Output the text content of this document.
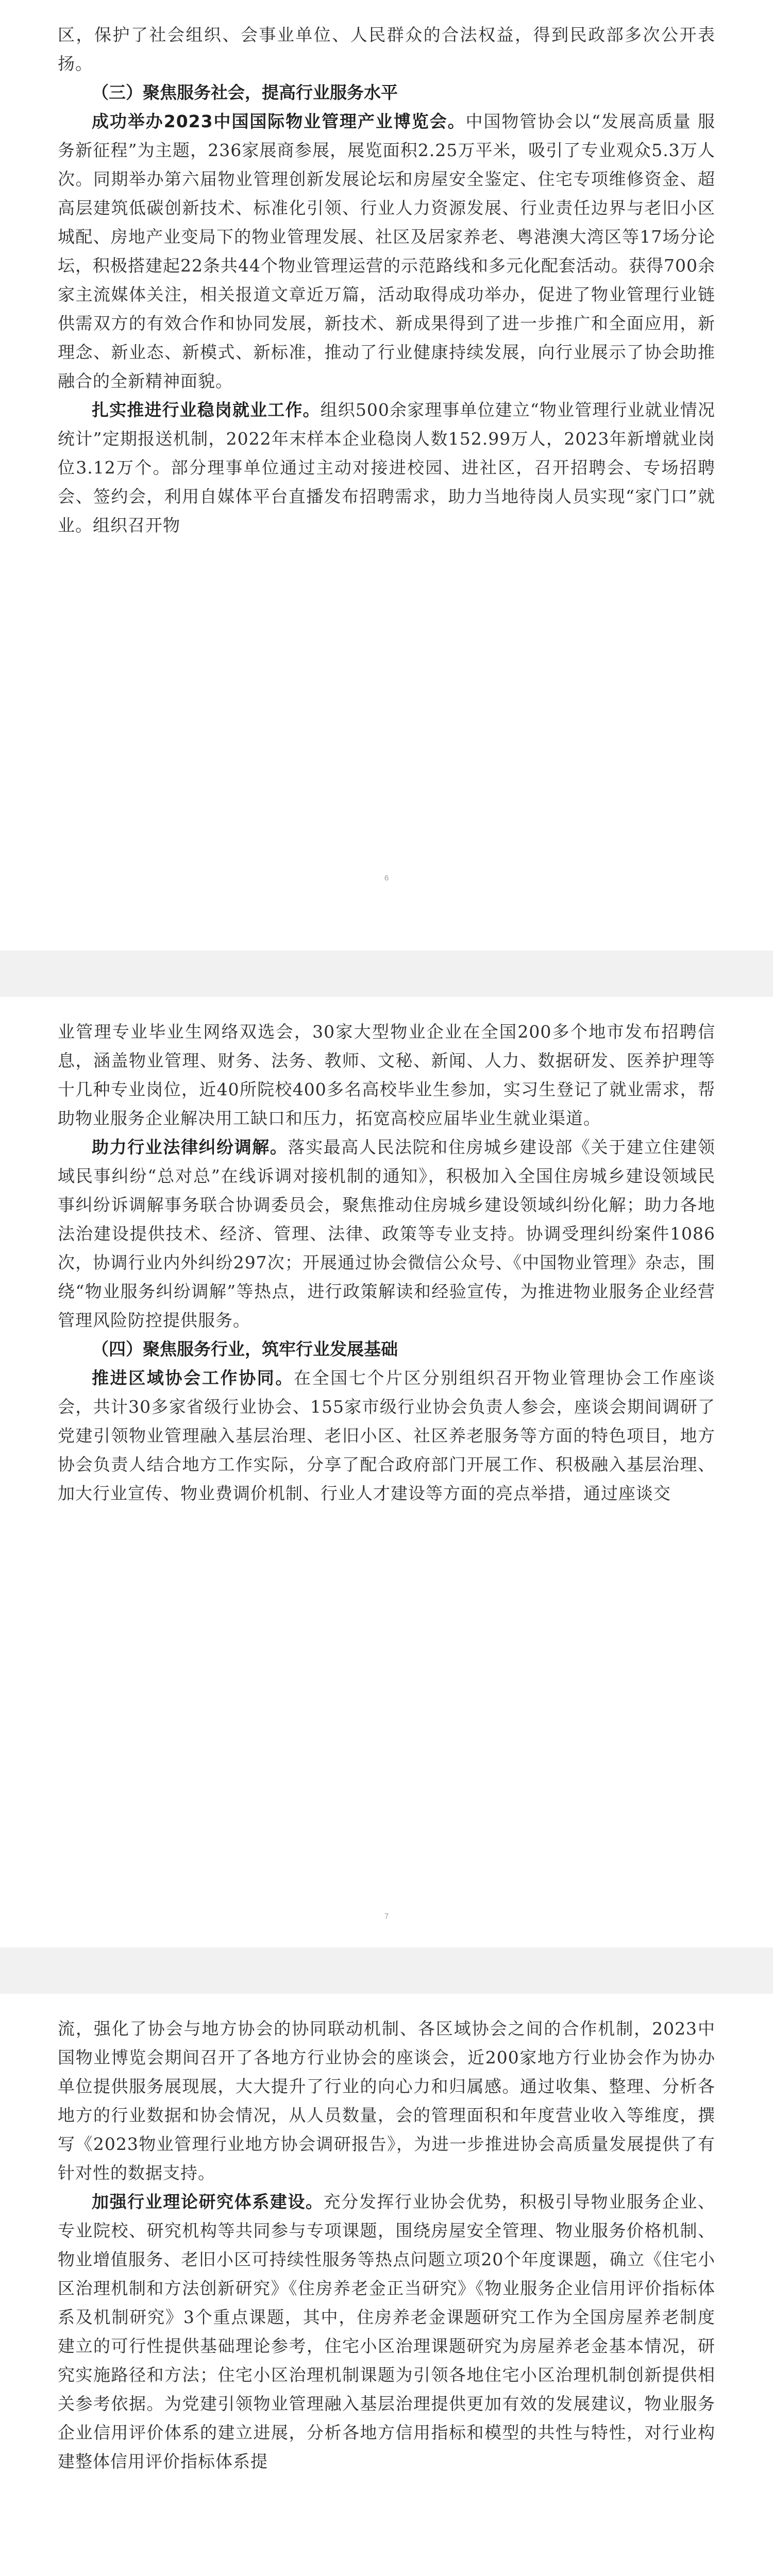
区，保护了社会组织、会事业单位、人民群众的合法权益，得到民政部多次公开表扬。

（三）聚焦服务社会，提高行业服务水平

成功举办2023中国国际物业管理产业博览会。中国物管协会以“发展高质量 服务新征程”为主题，236家展商参展，展览面积2.25万平米，吸引了专业观众5.3万人次。同期举办第六届物业管理创新发展论坛和房屋安全鉴定、住宅专项维修资金、超高层建筑低碳创新技术、标准化引领、行业人力资源发展、行业责任边界与老旧小区城配、房地产业变局下的物业管理发展、社区及居家养老、粤港澳大湾区等17场分论坛，积极搭建起22条共44个物业管理运营的示范路线和多元化配套活动。获得700余家主流媒体关注，相关报道文章近万篇，活动取得成功举办，促进了物业管理行业链供需双方的有效合作和协同发展，新技术、新成果得到了进一步推广和全面应用，新理念、新业态、新模式、新标准，推动了行业健康持续发展，向行业展示了协会助推融合的全新精神面貌。

扎实推进行业稳岗就业工作。组织500余家理事单位建立“物业管理行业就业情况统计”定期报送机制，2022年末样本企业稳岗人数152.99万人，2023年新增就业岗位3.12万个。部分理事单位通过主动对接进校园、进社区，召开招聘会、专场招聘会、签约会，利用自媒体平台直播发布招聘需求，助力当地待岗人员实现“家门口”就业。组织召开物

6

业管理专业毕业生网络双选会，30家大型物业企业在全国200多个地市发布招聘信息，涵盖物业管理、财务、法务、教师、文秘、新闻、人力、数据研发、医养护理等十几种专业岗位，近40所院校400多名高校毕业生参加，实习生登记了就业需求，帮助物业服务企业解决用工缺口和压力，拓宽高校应届毕业生就业渠道。

助力行业法律纠纷调解。落实最高人民法院和住房城乡建设部《关于建立住建领域民事纠纷“总对总”在线诉调对接机制的通知》，积极加入全国住房城乡建设领域民事纠纷诉调解事务联合协调委员会，聚焦推动住房城乡建设领域纠纷化解；助力各地法治建设提供技术、经济、管理、法律、政策等专业支持。协调受理纠纷案件1086次，协调行业内外纠纷297次；开展通过协会微信公众号、《中国物业管理》杂志，围绕“物业服务纠纷调解”等热点，进行政策解读和经验宣传，为推进物业服务企业经营管理风险防控提供服务。

（四）聚焦服务行业，筑牢行业发展基础

推进区域协会工作协同。在全国七个片区分别组织召开物业管理协会工作座谈会，共计30多家省级行业协会、155家市级行业协会负责人参会，座谈会期间调研了党建引领物业管理融入基层治理、老旧小区、社区养老服务等方面的特色项目，地方协会负责人结合地方工作实际，分享了配合政府部门开展工作、积极融入基层治理、加大行业宣传、物业费调价机制、行业人才建设等方面的亮点举措，通过座谈交

7

流，强化了协会与地方协会的协同联动机制、各区域协会之间的合作机制，2023中国物业博览会期间召开了各地方行业协会的座谈会，近200家地方行业协会作为协办单位提供服务展现展，大大提升了行业的向心力和归属感。通过收集、整理、分析各地方的行业数据和协会情况，从人员数量，会的管理面积和年度营业收入等维度，撰写《2023物业管理行业地方协会调研报告》，为进一步推进协会高质量发展提供了有针对性的数据支持。

加强行业理论研究体系建设。充分发挥行业协会优势，积极引导物业服务企业、专业院校、研究机构等共同参与专项课题，围绕房屋安全管理、物业服务价格机制、物业增值服务、老旧小区可持续性服务等热点问题立项20个年度课题，确立《住宅小区治理机制和方法创新研究》《住房养老金正当研究》《物业服务企业信用评价指标体系及机制研究》3个重点课题，其中，住房养老金课题研究工作为全国房屋养老制度建立的可行性提供基础理论参考，住宅小区治理课题研究为房屋养老金基本情况，研究实施路径和方法；住宅小区治理机制课题为引领各地住宅小区治理机制创新提供相关参考依据。为党建引领物业管理融入基层治理提供更加有效的发展建议，物业服务企业信用评价体系的建立进展，分析各地方信用指标和模型的共性与特性，对行业构建整体信用评价指标体系提
